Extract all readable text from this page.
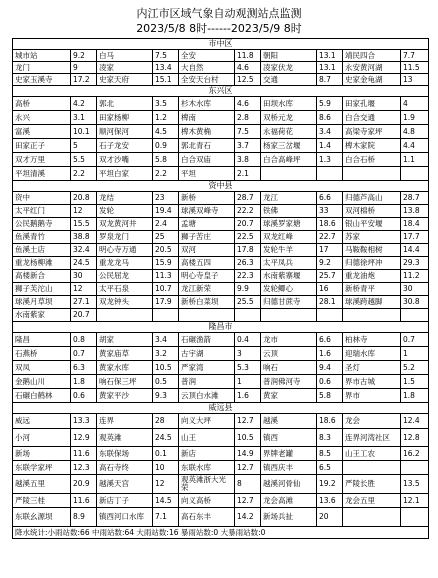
内江市区域气象自动观测站点监测
2023/5/8 8时------2023/5/9 8时
市中区									
城市站	9.2	白马	7.5	全安	11.8	朝阳	13.1	靖民四合	7.7
龙门	9	凌家	13.4	大自然	4.6	凌家伏龙	13.1	永安黄河湖	11.5
史家玉溪寺	17.2	史家天府	15.1	全安天台村	12.5	交通	8.7	史家金龟湖	13
东兴区									
高桥	4.2	郭北	3.5	杉木水库	4.6	田坝水库	5.9	田家孔堰	4
永兴	3.1	田家杨柳	1.2	椑南	2.8	双桥元龙	8.6	白合交通	1.9
富溪	10.1	顺河保河	4.5	椑木黄桷	7.5	永福荷花	3.4	高梁寺家坪	4.8
田家正子	5	石子龙安	0.9	郭北青石	3.7	杨家三岔堰	1.4	椑木家院	4.4
双才万里	5.5	双才沙嘴	5.8	白合双庙	3.8	白合高峰坪	1.3	白合石桥	1.1
平坦清溪	2.2	平坦白家	2.2	平坦	2.1				
资中县									
资中	20.8	龙结	23	新桥	28.7	龙江	6.6	归德芦高山	28.7
太平红门	12	发轮	19.4	球溪双峰寺	22.2	铁佛	33	双河棉桥	13.8
公民鹅鹅寺	15.5	双龙黄河井	2.4	孟塘	20.7	球溪罗家塘	18.6	银山平安堰	18.4
鱼溪青竹	38.8	罗泉龙门	25	狮子苦庄	22.5	双龙红峰	22.7	苏家	17.7
鱼溪土店	32.4	明心寺万通	20.5	双河	17.8	发轮牛羊	17	马鞍鞍相树	14.4
重龙杨柳滩	24.5	重龙龙马	15.9	高楼五四	26.3	太平凤兵	9.2	归德徐坪冲	29.3
高楼新合	30	公民屈龙	11.3	明心寺皇子	22.3	水南紫寨堰	25.7	重龙油炮	11.2
狮子芙沱山	12	太平石泉	10.7	龙江新荣	9.9	发轮鲫心	16	新桥青平	30
球溪月草坝	27.1	双龙钟头	17.9	新桥白菜坝	25.5	归德甘蔗寺	28.1	球溪跨越脚	30.8
水南紫家	20.7								
隆昌市									
隆昌	0.8	胡家	3.4	石碾渔箭	0.4	龙市	6.6	柏林寺	0.7
石燕桥	0.7	黄家庙草	3.2	古宇湖	3	云顶	1.6	迎瑞水库	1
双凤	6.3	黄家水库	10.5	严家湾	5.3	响石	9.4	圣灯	5.2
金鹅山川	1.8	响石保三坪	0.5	普润	1	普润佛河寺	0.6	界市古城	1.5
石碾白鹤林	0.6	黄家平沙	9.3	云顶白水滩	1.6	黄家	5.8	界市	1.8
威远县									
威远	13.3	连界	28	向义大坪	12.7	越溪	18.6	龙会	12.4
小河	12.9	观英滩	24.5	山王	10.5	镇西	8.3	连界河湾社区	12.8
新场	11.6	东联保场	0.1	新店	14.9	界牌老罐	8.5	山王工农	16.2
东联学家坪	12.3	高石寺终	10	东联水库	12.7	镇西庆丰	6.5		
越溪五里	20.9	越溪天宫	12	观英滩浙大光荣	8	越溪河骨仙	19.2	严陵长胜	13.5
严陵三桂	11.6	新店丁子	14.5	向义高桥	12.7	龙会高滩	13.6	龙会五里	12.1
东联幺源坝	8.9	镇西河口水库	7.1	高石东丰	14.2	新场兵扯	20		
降水统计:小雨站数:66 中雨站数:64 大雨站数:16 暴雨站数:0 大暴雨站数:0									
